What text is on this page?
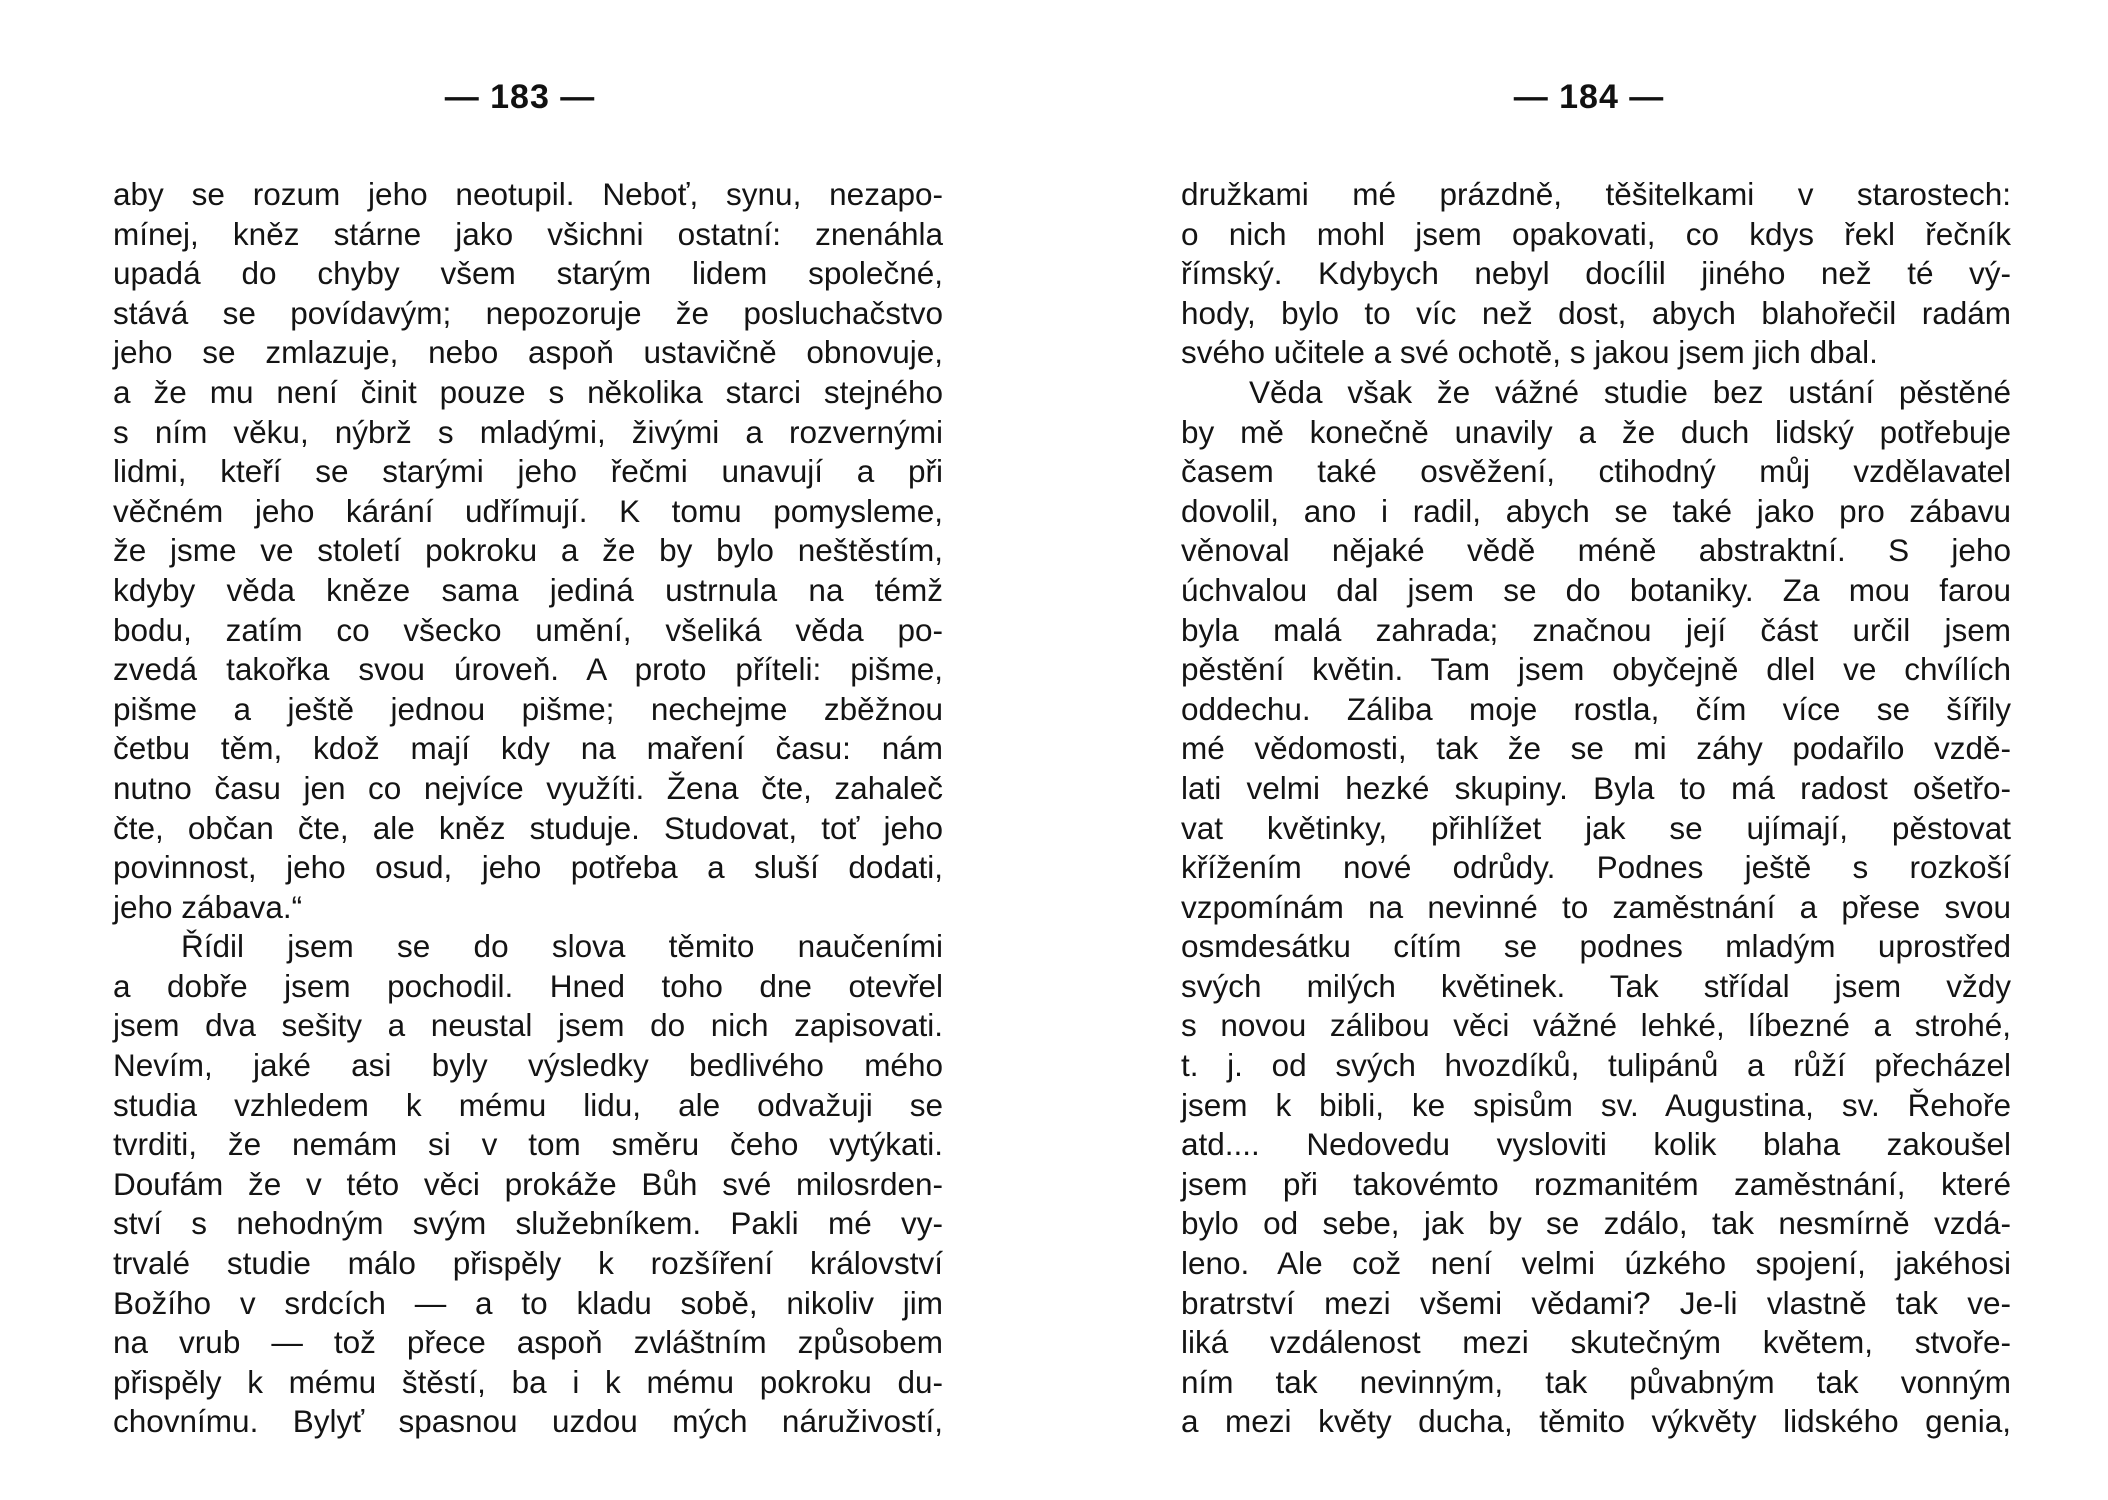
— 183 —
aby se rozum jeho neotupil. Neboť, synu, nezapo-
mínej, kněz stárne jako všichni ostatní: znenáhla
upadá do chyby všem starým lidem společné,
stává se povídavým; nepozoruje že posluchačstvo
jeho se zmlazuje, nebo aspoň ustavičně obnovuje,
a že mu není činit pouze s několika starci stejného
s ním věku, nýbrž s mladými, živými a rozvernými
lidmi, kteří se starými jeho řečmi unavují a při
věčném jeho kárání udřímují. K tomu pomysleme,
že jsme ve století pokroku a že by bylo neštěstím,
kdyby věda kněze sama jediná ustrnula na témž
bodu, zatím co všecko umění, všeliká věda po-
zvedá takořka svou úroveň. A proto příteli: pišme,
pišme a ještě jednou pišme; nechejme zběžnou
četbu těm, kdož mají kdy na maření času: nám
nutno času jen co nejvíce využíti. Žena čte, zahaleč
čte, občan čte, ale kněz studuje. Studovat, toť jeho
povinnost, jeho osud, jeho potřeba a sluší dodati,
jeho zábava.“
Řídil jsem se do slova těmito naučeními
a dobře jsem pochodil. Hned toho dne otevřel
jsem dva sešity a neustal jsem do nich zapisovati.
Nevím, jaké asi byly výsledky bedlivého mého
studia vzhledem k mému lidu, ale odvažuji se
tvrditi, že nemám si v tom směru čeho vytýkati.
Doufám že v této věci prokáže Bůh své milosrden-
ství s nehodným svým služebníkem. Pakli mé vy-
trvalé studie málo přispěly k rozšíření království
Božího v srdcích — a to kladu sobě, nikoliv jim
na vrub — tož přece aspoň zvláštním způsobem
přispěly k mému štěstí, ba i k mému pokroku du-
chovnímu. Bylyť spasnou uzdou mých náruživostí,
— 184 —
družkami mé prázdně, těšitelkami v starostech:
o nich mohl jsem opakovati, co kdys řekl řečník
římský. Kdybych nebyl docílil jiného než té vý-
hody, bylo to víc než dost, abych blahořečil radám
svého učitele a své ochotě, s jakou jsem jich dbal.
Věda však že vážné studie bez ustání pěstěné
by mě konečně unavily a že duch lidský potřebuje
časem také osvěžení, ctihodný můj vzdělavatel
dovolil, ano i radil, abych se také jako pro zábavu
věnoval nějaké vědě méně abstraktní. S jeho
úchvalou dal jsem se do botaniky. Za mou farou
byla malá zahrada; značnou její část určil jsem
pěstění květin. Tam jsem obyčejně dlel ve chvílích
oddechu. Záliba moje rostla, čím více se šířily
mé vědomosti, tak že se mi záhy podařilo vzdě-
lati velmi hezké skupiny. Byla to má radost ošetřo-
vat květinky, přihlížet jak se ujímají, pěstovat
křížením nové odrůdy. Podnes ještě s rozkoší
vzpomínám na nevinné to zaměstnání a přese svou
osmdesátku cítím se podnes mladým uprostřed
svých milých květinek. Tak střídal jsem vždy
s novou zálibou věci vážné lehké, líbezné a strohé,
t. j. od svých hvozdíků, tulipánů a růží přecházel
jsem k bibli, ke spisům sv. Augustina, sv. Řehoře
atd.... Nedovedu vysloviti kolik blaha zakoušel
jsem při takovémto rozmanitém zaměstnání, které
bylo od sebe, jak by se zdálo, tak nesmírně vzdá-
leno. Ale což není velmi úzkého spojení, jakéhosi
bratrství mezi všemi vědami? Je-li vlastně tak ve-
liká vzdálenost mezi skutečným květem, stvoře-
ním tak nevinným, tak půvabným tak vonným
a mezi květy ducha, těmito výkvěty lidského genia,
